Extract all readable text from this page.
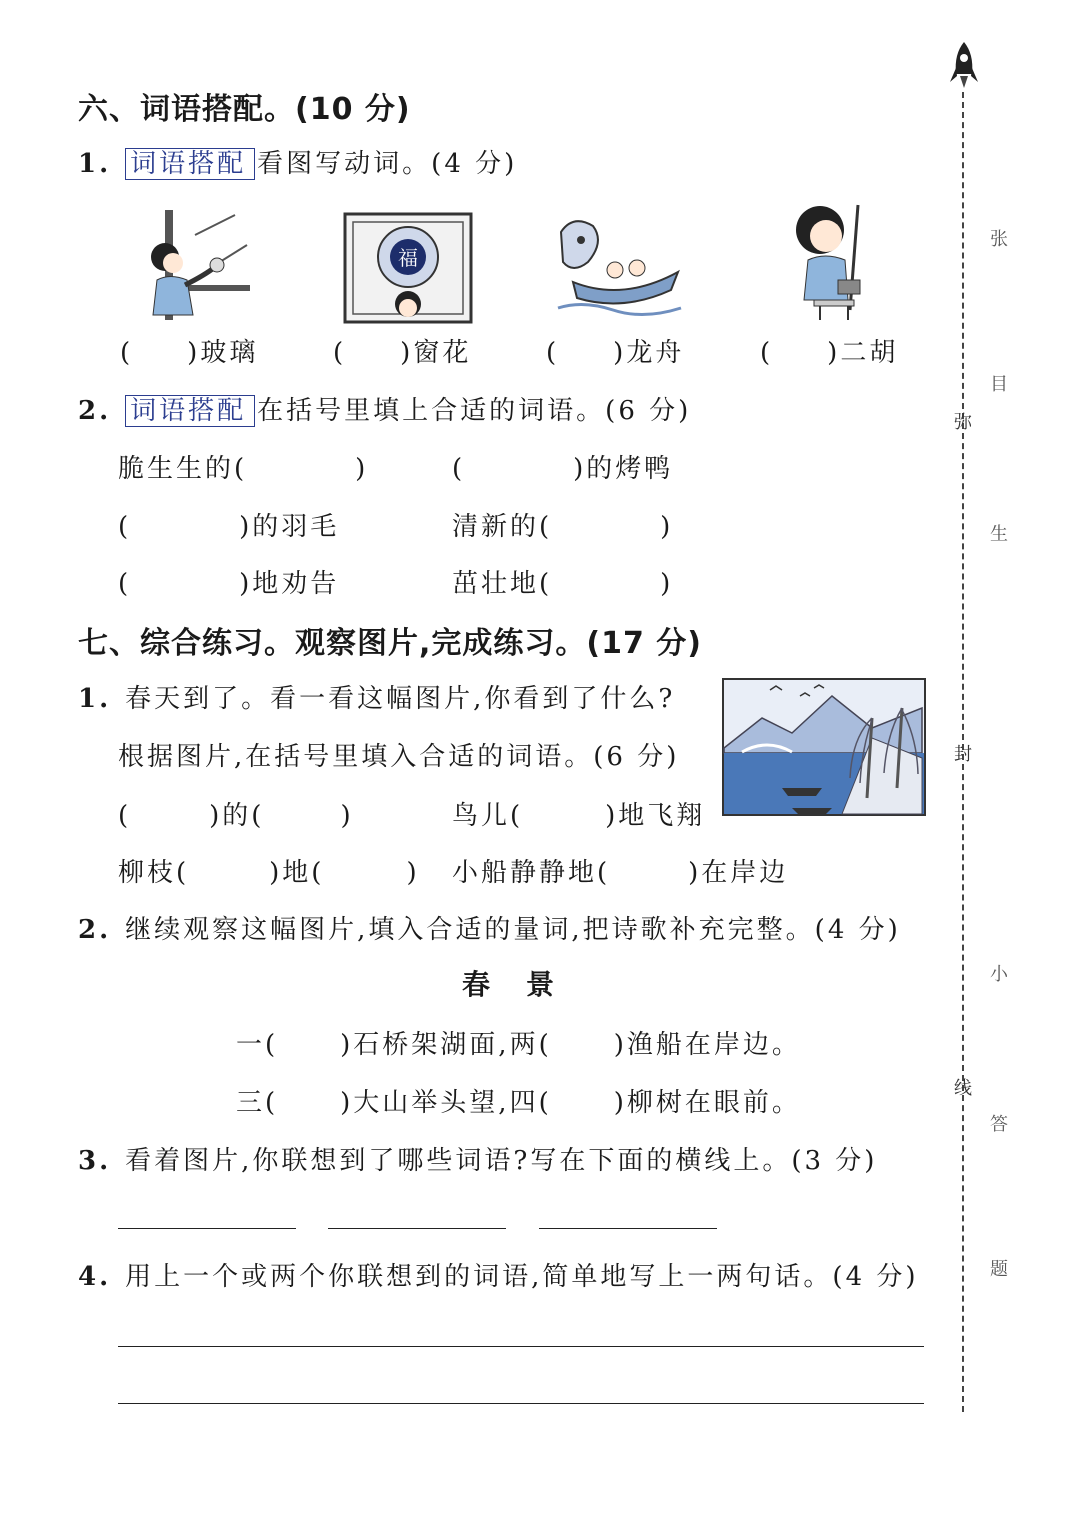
六、词语搭配。(10 分)
1. 词语搭配 看图写动词。(4 分)
福
( )玻璃	( )窗花	( )龙舟	( )二胡
2. 词语搭配 在括号里填上合适的词语。(6 分)
脆生生的(	)	(	)的烤鸭
(	)的羽毛	清新的(	)
(	)地劝告	茁壮地(	)
七、综合练习。观察图片,完成练习。(17 分)
1. 春天到了。看一看这幅图片,你看到了什么?
根据图片,在括号里填入合适的词语。(6 分)
(	)的(	)	鸟儿(	)地飞翔
柳枝(	)地(	) 小船静静地(	)在岸边
2. 继续观察这幅图片,填入合适的量词,把诗歌补充完整。(4 分)
春　景
一( )石桥架湖面,两( )渔船在岸边。
三( )大山举头望,四( )柳树在眼前。
3. 看着图片,你联想到了哪些词语?写在下面的横线上。(3 分)
4. 用上一个或两个你联想到的词语,简单地写上一两句话。(4 分)
弥
封
线
张
目
生
小
答
题
